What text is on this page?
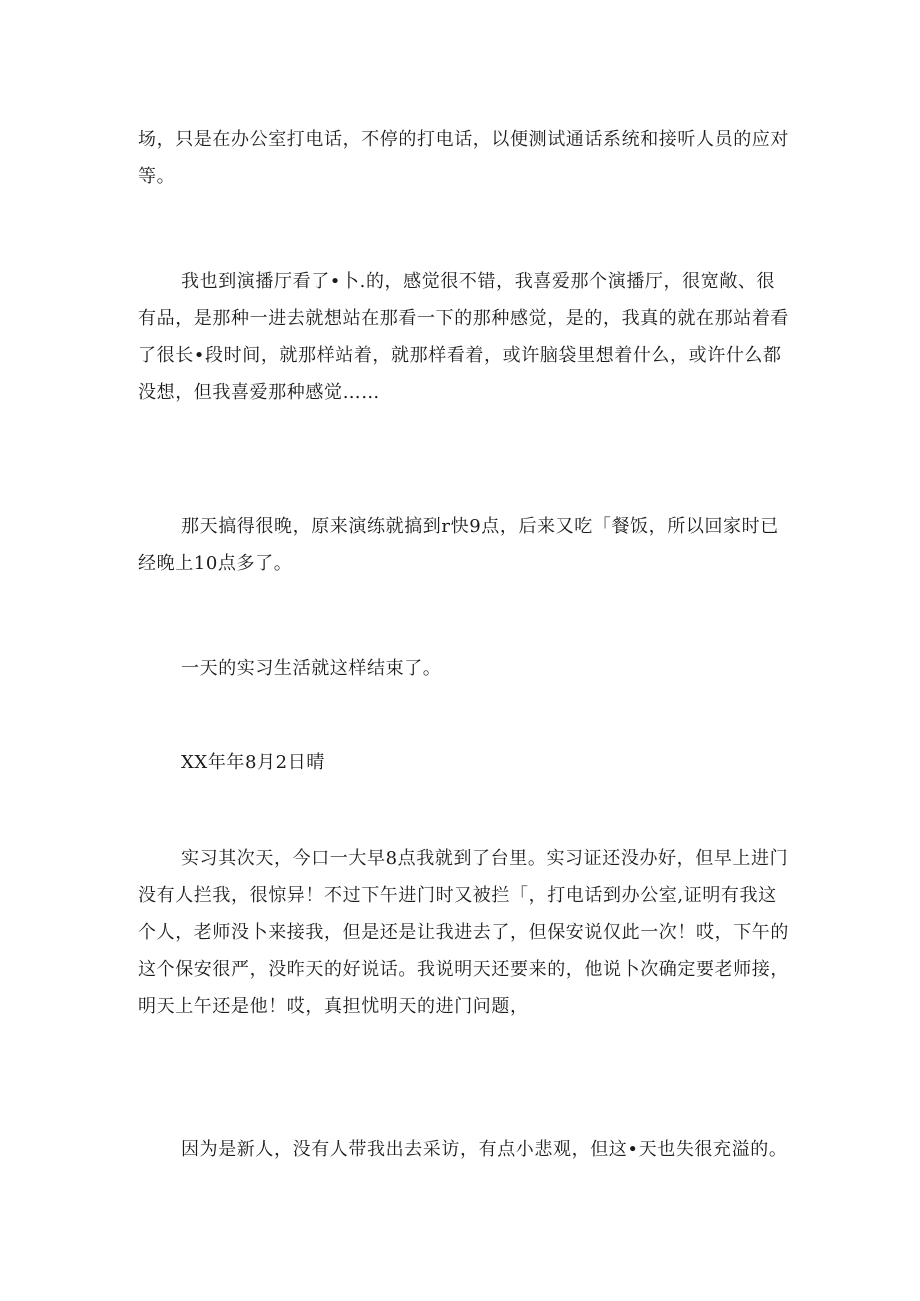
场，只是在办公室打电话，不停的打电话，以便测试通话系统和接听人员的应对
等。
我也到演播厅看了•卜.的，感觉很不错，我喜爱那个演播厅，很宽敞、很
有品，是那种一进去就想站在那看一下的那种感觉，是的，我真的就在那站着看
了很长•段时间，就那样站着，就那样看着，或许脑袋里想着什么，或许什么都
没想，但我喜爱那种感觉……
那天搞得很晚，原来演练就搞到r快9点，后来又吃「餐饭，所以回家时已
经晚上10点多了。
一天的实习生活就这样结束了。
XX年年8月2日晴
实习其次天，今口一大早8点我就到了台里。实习证还没办好，但早上进门
没有人拦我，很惊异！不过下午进门时又被拦「，打电话到办公室,证明有我这
个人，老师没卜来接我，但是还是让我进去了，但保安说仅此一次！哎，下午的
这个保安很严，没昨天的好说话。我说明天还要来的，他说卜次确定要老师接，
明天上午还是他！哎，真担忧明天的进门问题，
因为是新人，没有人带我出去采访，有点小悲观，但这•天也失很充溢的。
